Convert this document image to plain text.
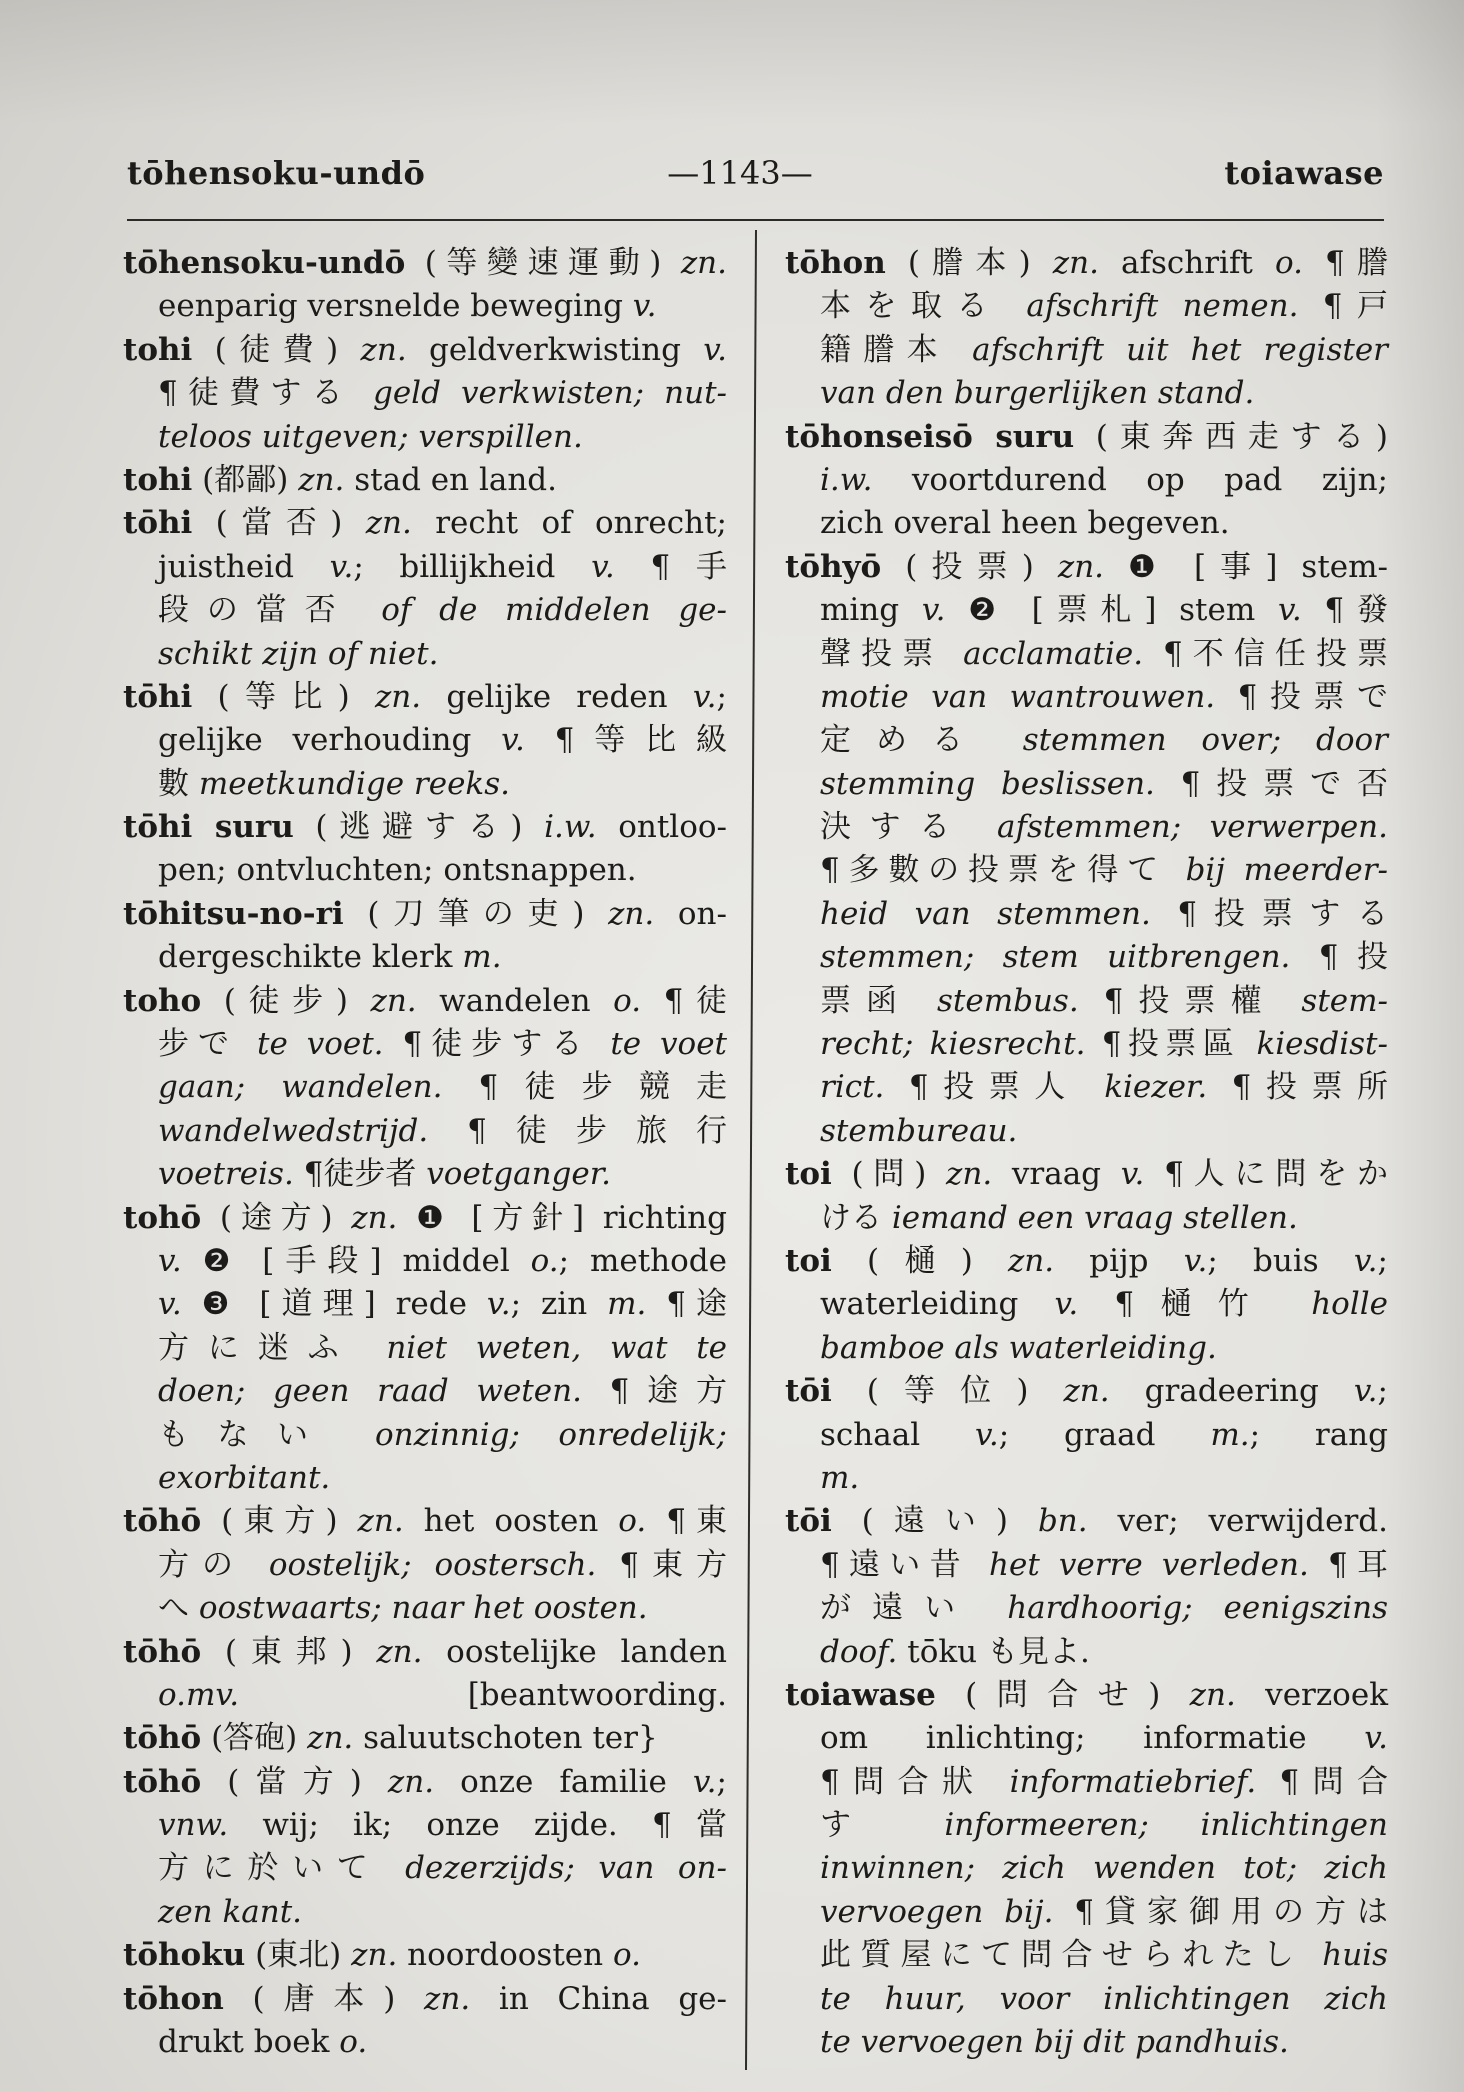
tōhensoku-undō	—1143—	toiawase
tōhensoku-undō (等變速運動) zn.
eenparig versnelde beweging v.
tohi (徒費) zn. geldverkwisting v.
¶徒費する geld verkwisten; nut-
teloos uitgeven; verspillen.
tohi (都鄙) zn. stad en land.
tōhi (當否) zn. recht of onrecht;
juistheid v.; billijkheid v. ¶手
段の當否 of de middelen ge-
schikt zijn of niet.
tōhi (等比) zn. gelijke reden v.;
gelijke verhouding v. ¶等比級
數 meetkundige reeks.
tōhi suru (逃避する) i.w. ontloo-
pen; ontvluchten; ontsnappen.
tōhitsu-no-ri (刀筆の吏) zn. on-
dergeschikte klerk m.
toho (徒步) zn. wandelen o. ¶徒
步で te voet. ¶徒步する te voet
gaan; wandelen. ¶徒步競走
wandelwedstrijd. ¶徒步旅行
voetreis. ¶徒步者 voetganger.
tohō (途方) zn. ❶ [方針] richting
v. ❷ [手段] middel o.; methode
v. ❸ [道理] rede v.; zin m. ¶途
方に迷ふ niet weten, wat te
doen; geen raad weten. ¶途方
もない onzinnig; onredelijk;
exorbitant.
tōhō (東方) zn. het oosten o. ¶東
方の oostelijk; oostersch. ¶東方
へ oostwaarts; naar het oosten.
tōhō (東邦) zn. oostelijke landen
o.mv.	[beantwoording.
tōhō (答砲) zn. saluutschoten ter}
tōhō (當方) zn. onze familie v.;
vnw. wij; ik; onze zijde. ¶當
方に於いて dezerzijds; van on-
zen kant.
tōhoku (東北) zn. noordoosten o.
tōhon (唐本) zn. in China ge-
drukt boek o.
tōhon (謄本) zn. afschrift o. ¶謄
本を取る afschrift nemen. ¶戸
籍謄本 afschrift uit het register
van den burgerlijken stand.
tōhonseisō suru (東奔西走する)
i.w. voortdurend op pad zijn;
zich overal heen begeven.
tōhyō (投票) zn. ❶ [事] stem-
ming v. ❷ [票札] stem v. ¶發
聲投票 acclamatie. ¶不信任投票
motie van wantrouwen. ¶投票で
定める stemmen over; door
stemming beslissen. ¶投票で否
決する afstemmen; verwerpen.
¶多數の投票を得て bij meerder-
heid van stemmen. ¶投票する
stemmen; stem uitbrengen. ¶投
票函 stembus. ¶投票權 stem-
recht; kiesrecht. ¶投票區 kiesdist-
rict. ¶投票人 kiezer. ¶投票所
stembureau.
toi (問) zn. vraag v. ¶人に問をか
ける iemand een vraag stellen.
toi (樋) zn. pijp v.; buis v.;
waterleiding v. ¶樋竹 holle
bamboe als waterleiding.
tōi (等位) zn. gradeering v.;
schaal v.; graad m.; rang
m.
tōi (遠い) bn. ver; verwijderd.
¶遠い昔 het verre verleden. ¶耳
が遠い hardhoorig; eenigszins
doof. tōku も見よ.
toiawase (問合せ) zn. verzoek
om inlichting; informatie v.
¶問合狀 informatiebrief. ¶問合
す informeeren; inlichtingen
inwinnen; zich wenden tot; zich
vervoegen bij. ¶貸家御用の方は
此質屋にて問合せられたし huis
te huur, voor inlichtingen zich
te vervoegen bij dit pandhuis.
